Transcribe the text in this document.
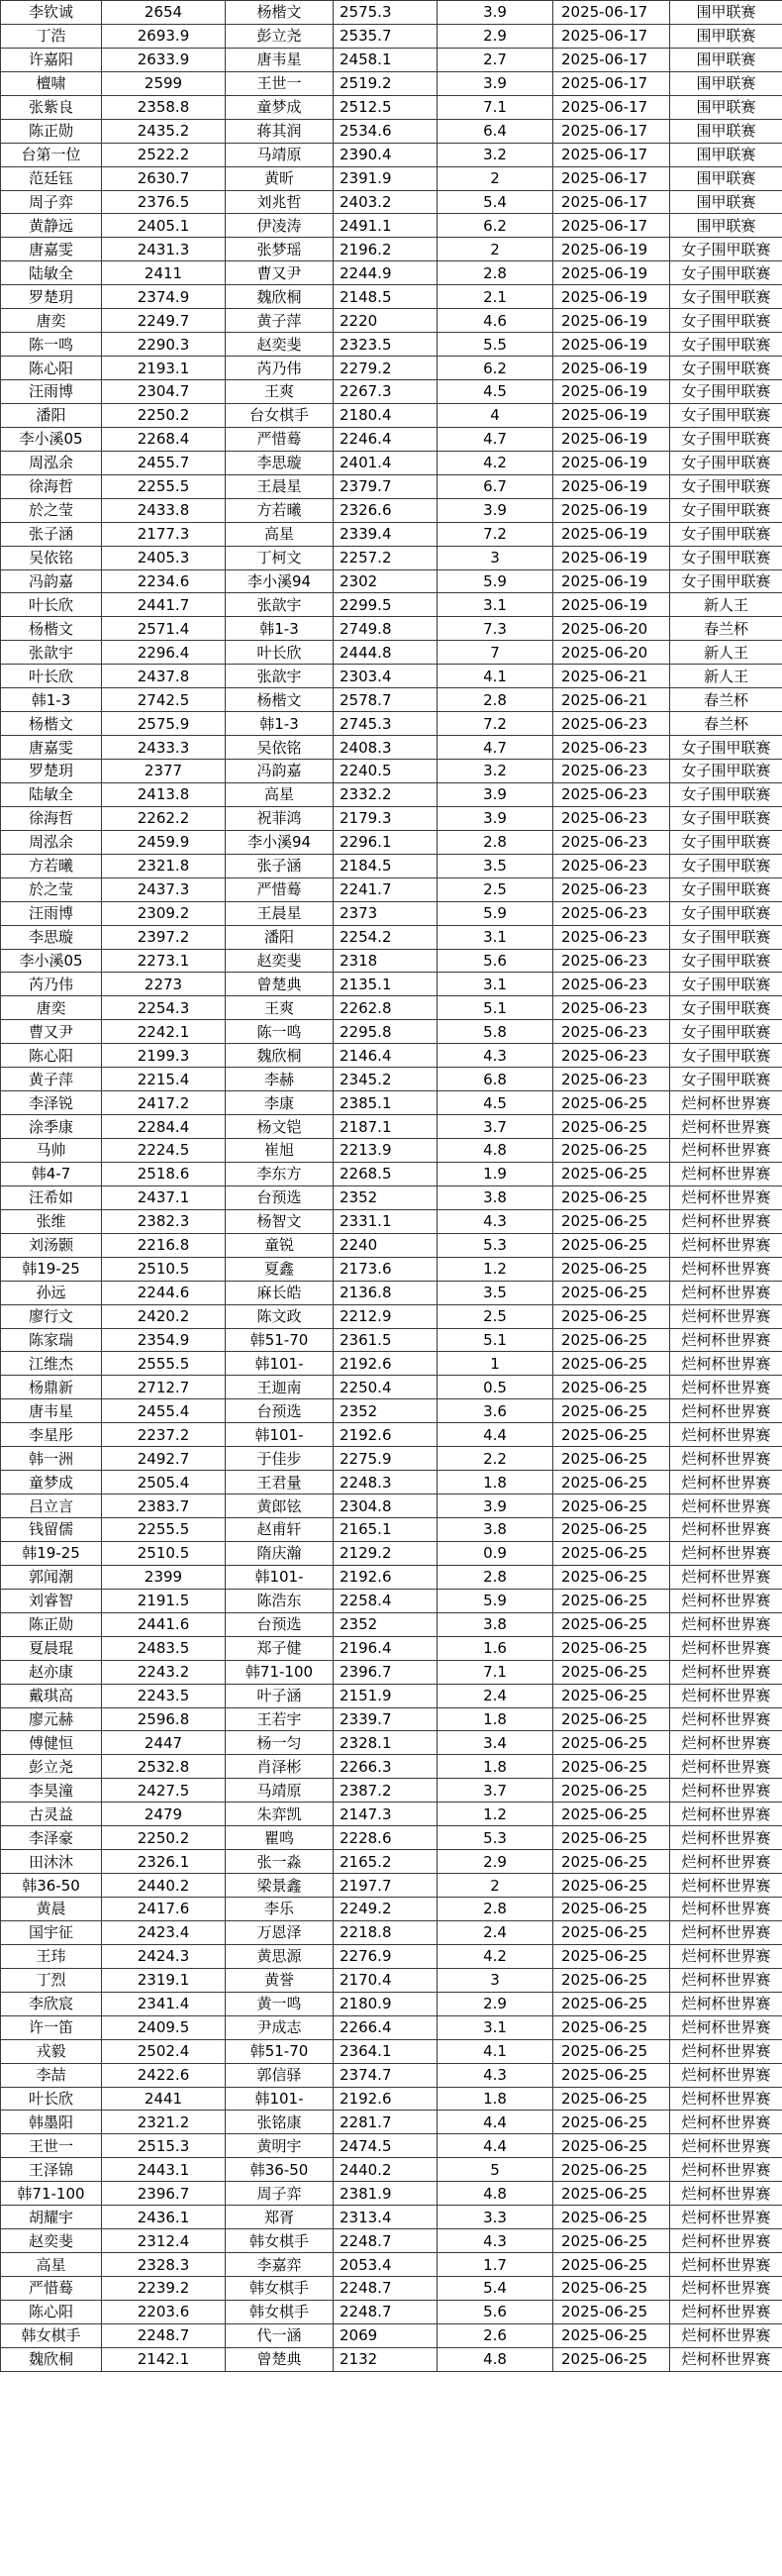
李钦诚	2654	杨楷文	2575.3	3.9	2025-06-17	围甲联赛
丁浩	2693.9	彭立尧	2535.7	2.9	2025-06-17	围甲联赛
许嘉阳	2633.9	唐韦星	2458.1	2.7	2025-06-17	围甲联赛
檀啸	2599	王世一	2519.2	3.9	2025-06-17	围甲联赛
张紫良	2358.8	童梦成	2512.5	7.1	2025-06-17	围甲联赛
陈正勋	2435.2	蒋其润	2534.6	6.4	2025-06-17	围甲联赛
台第一位	2522.2	马靖原	2390.4	3.2	2025-06-17	围甲联赛
范廷钰	2630.7	黄昕	2391.9	2	2025-06-17	围甲联赛
周子弈	2376.5	刘兆哲	2403.2	5.4	2025-06-17	围甲联赛
黄静远	2405.1	伊凌涛	2491.1	6.2	2025-06-17	围甲联赛
唐嘉雯	2431.3	张梦瑶	2196.2	2	2025-06-19	女子围甲联赛
陆敏全	2411	曹又尹	2244.9	2.8	2025-06-19	女子围甲联赛
罗楚玥	2374.9	魏欣桐	2148.5	2.1	2025-06-19	女子围甲联赛
唐奕	2249.7	黄子萍	2220	4.6	2025-06-19	女子围甲联赛
陈一鸣	2290.3	赵奕斐	2323.5	5.5	2025-06-19	女子围甲联赛
陈心阳	2193.1	芮乃伟	2279.2	6.2	2025-06-19	女子围甲联赛
汪雨博	2304.7	王爽	2267.3	4.5	2025-06-19	女子围甲联赛
潘阳	2250.2	台女棋手	2180.4	4	2025-06-19	女子围甲联赛
李小溪05	2268.4	严惜蓦	2246.4	4.7	2025-06-19	女子围甲联赛
周泓余	2455.7	李思璇	2401.4	4.2	2025-06-19	女子围甲联赛
徐海哲	2255.5	王晨星	2379.7	6.7	2025-06-19	女子围甲联赛
於之莹	2433.8	方若曦	2326.6	3.9	2025-06-19	女子围甲联赛
张子涵	2177.3	高星	2339.4	7.2	2025-06-19	女子围甲联赛
吴依铭	2405.3	丁柯文	2257.2	3	2025-06-19	女子围甲联赛
冯韵嘉	2234.6	李小溪94	2302	5.9	2025-06-19	女子围甲联赛
叶长欣	2441.7	张歆宇	2299.5	3.1	2025-06-19	新人王
杨楷文	2571.4	韩1-3	2749.8	7.3	2025-06-20	春兰杯
张歆宇	2296.4	叶长欣	2444.8	7	2025-06-20	新人王
叶长欣	2437.8	张歆宇	2303.4	4.1	2025-06-21	新人王
韩1-3	2742.5	杨楷文	2578.7	2.8	2025-06-21	春兰杯
杨楷文	2575.9	韩1-3	2745.3	7.2	2025-06-23	春兰杯
唐嘉雯	2433.3	吴依铭	2408.3	4.7	2025-06-23	女子围甲联赛
罗楚玥	2377	冯韵嘉	2240.5	3.2	2025-06-23	女子围甲联赛
陆敏全	2413.8	高星	2332.2	3.9	2025-06-23	女子围甲联赛
徐海哲	2262.2	祝菲鸿	2179.3	3.9	2025-06-23	女子围甲联赛
周泓余	2459.9	李小溪94	2296.1	2.8	2025-06-23	女子围甲联赛
方若曦	2321.8	张子涵	2184.5	3.5	2025-06-23	女子围甲联赛
於之莹	2437.3	严惜蓦	2241.7	2.5	2025-06-23	女子围甲联赛
汪雨博	2309.2	王晨星	2373	5.9	2025-06-23	女子围甲联赛
李思璇	2397.2	潘阳	2254.2	3.1	2025-06-23	女子围甲联赛
李小溪05	2273.1	赵奕斐	2318	5.6	2025-06-23	女子围甲联赛
芮乃伟	2273	曾楚典	2135.1	3.1	2025-06-23	女子围甲联赛
唐奕	2254.3	王爽	2262.8	5.1	2025-06-23	女子围甲联赛
曹又尹	2242.1	陈一鸣	2295.8	5.8	2025-06-23	女子围甲联赛
陈心阳	2199.3	魏欣桐	2146.4	4.3	2025-06-23	女子围甲联赛
黄子萍	2215.4	李赫	2345.2	6.8	2025-06-23	女子围甲联赛
李泽锐	2417.2	李康	2385.1	4.5	2025-06-25	烂柯杯世界赛
涂季康	2284.4	杨文铠	2187.1	3.7	2025-06-25	烂柯杯世界赛
马帅	2224.5	崔旭	2213.9	4.8	2025-06-25	烂柯杯世界赛
韩4-7	2518.6	李东方	2268.5	1.9	2025-06-25	烂柯杯世界赛
汪希如	2437.1	台预选	2352	3.8	2025-06-25	烂柯杯世界赛
张维	2382.3	杨智文	2331.1	4.3	2025-06-25	烂柯杯世界赛
刘汤颢	2216.8	童锐	2240	5.3	2025-06-25	烂柯杯世界赛
韩19-25	2510.5	夏鑫	2173.6	1.2	2025-06-25	烂柯杯世界赛
孙远	2244.6	麻长皓	2136.8	3.5	2025-06-25	烂柯杯世界赛
廖行文	2420.2	陈文政	2212.9	2.5	2025-06-25	烂柯杯世界赛
陈家瑞	2354.9	韩51-70	2361.5	5.1	2025-06-25	烂柯杯世界赛
江维杰	2555.5	韩101-	2192.6	1	2025-06-25	烂柯杯世界赛
杨鼎新	2712.7	王迦南	2250.4	0.5	2025-06-25	烂柯杯世界赛
唐韦星	2455.4	台预选	2352	3.6	2025-06-25	烂柯杯世界赛
李星彤	2237.2	韩101-	2192.6	4.4	2025-06-25	烂柯杯世界赛
韩一洲	2492.7	于佳步	2275.9	2.2	2025-06-25	烂柯杯世界赛
童梦成	2505.4	王君量	2248.3	1.8	2025-06-25	烂柯杯世界赛
吕立言	2383.7	黄郎铉	2304.8	3.9	2025-06-25	烂柯杯世界赛
钱留儒	2255.5	赵甫轩	2165.1	3.8	2025-06-25	烂柯杯世界赛
韩19-25	2510.5	隋庆瀚	2129.2	0.9	2025-06-25	烂柯杯世界赛
郭闻潮	2399	韩101-	2192.6	2.8	2025-06-25	烂柯杯世界赛
刘睿智	2191.5	陈浩东	2258.4	5.9	2025-06-25	烂柯杯世界赛
陈正勋	2441.6	台预选	2352	3.8	2025-06-25	烂柯杯世界赛
夏晨琨	2483.5	郑子健	2196.4	1.6	2025-06-25	烂柯杯世界赛
赵亦康	2243.2	韩71-100	2396.7	7.1	2025-06-25	烂柯杯世界赛
戴琪高	2243.5	叶子涵	2151.9	2.4	2025-06-25	烂柯杯世界赛
廖元赫	2596.8	王若宇	2339.7	1.8	2025-06-25	烂柯杯世界赛
傅健恒	2447	杨一匀	2328.1	3.4	2025-06-25	烂柯杯世界赛
彭立尧	2532.8	肖泽彬	2266.3	1.8	2025-06-25	烂柯杯世界赛
李昊潼	2427.5	马靖原	2387.2	3.7	2025-06-25	烂柯杯世界赛
古灵益	2479	朱弈凯	2147.3	1.2	2025-06-25	烂柯杯世界赛
李泽豪	2250.2	瞿鸣	2228.6	5.3	2025-06-25	烂柯杯世界赛
田沐沐	2326.1	张一淼	2165.2	2.9	2025-06-25	烂柯杯世界赛
韩36-50	2440.2	梁景鑫	2197.7	2	2025-06-25	烂柯杯世界赛
黄晨	2417.6	李乐	2249.2	2.8	2025-06-25	烂柯杯世界赛
国宇征	2423.4	万恩泽	2218.8	2.4	2025-06-25	烂柯杯世界赛
王玮	2424.3	黄思源	2276.9	4.2	2025-06-25	烂柯杯世界赛
丁烈	2319.1	黄誉	2170.4	3	2025-06-25	烂柯杯世界赛
李欣宸	2341.4	黄一鸣	2180.9	2.9	2025-06-25	烂柯杯世界赛
许一笛	2409.5	尹成志	2266.4	3.1	2025-06-25	烂柯杯世界赛
戎毅	2502.4	韩51-70	2364.1	4.1	2025-06-25	烂柯杯世界赛
李喆	2422.6	郭信驿	2374.7	4.3	2025-06-25	烂柯杯世界赛
叶长欣	2441	韩101-	2192.6	1.8	2025-06-25	烂柯杯世界赛
韩墨阳	2321.2	张铭康	2281.7	4.4	2025-06-25	烂柯杯世界赛
王世一	2515.3	黄明宇	2474.5	4.4	2025-06-25	烂柯杯世界赛
王泽锦	2443.1	韩36-50	2440.2	5	2025-06-25	烂柯杯世界赛
韩71-100	2396.7	周子弈	2381.9	4.8	2025-06-25	烂柯杯世界赛
胡耀宇	2436.1	郑胥	2313.4	3.3	2025-06-25	烂柯杯世界赛
赵奕斐	2312.4	韩女棋手	2248.7	4.3	2025-06-25	烂柯杯世界赛
高星	2328.3	李嘉弈	2053.4	1.7	2025-06-25	烂柯杯世界赛
严惜蓦	2239.2	韩女棋手	2248.7	5.4	2025-06-25	烂柯杯世界赛
陈心阳	2203.6	韩女棋手	2248.7	5.6	2025-06-25	烂柯杯世界赛
韩女棋手	2248.7	代一涵	2069	2.6	2025-06-25	烂柯杯世界赛
魏欣桐	2142.1	曾楚典	2132	4.8	2025-06-25	烂柯杯世界赛
